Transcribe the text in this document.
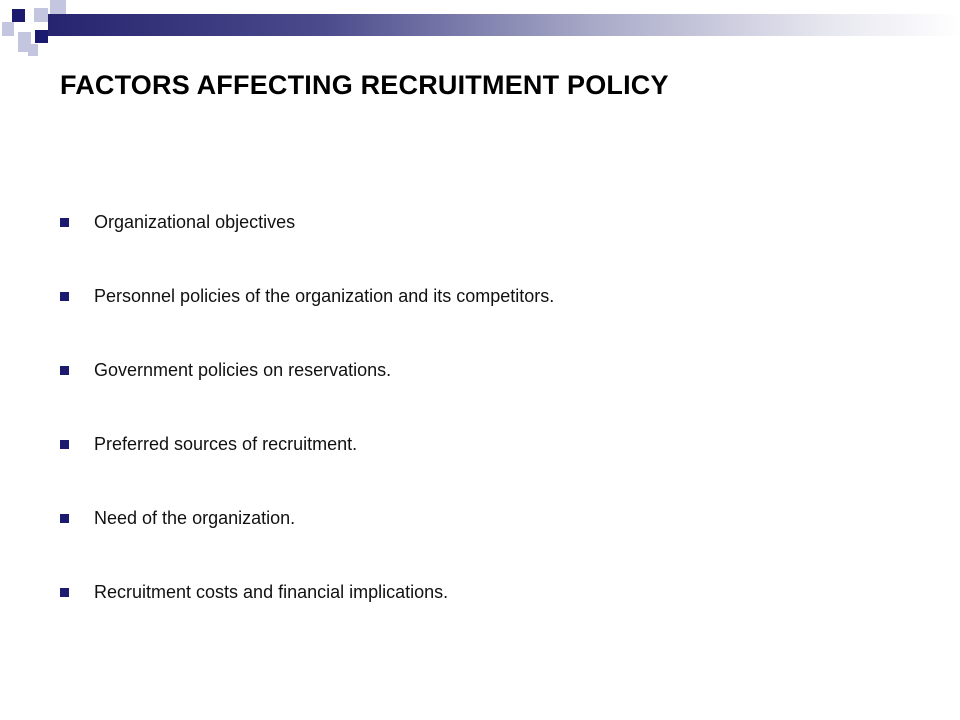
FACTORS AFFECTING RECRUITMENT POLICY
Organizational objectives
Personnel policies of the organization and its competitors.
Government policies on reservations.
Preferred sources of recruitment.
Need of the organization.
Recruitment costs and financial implications.
